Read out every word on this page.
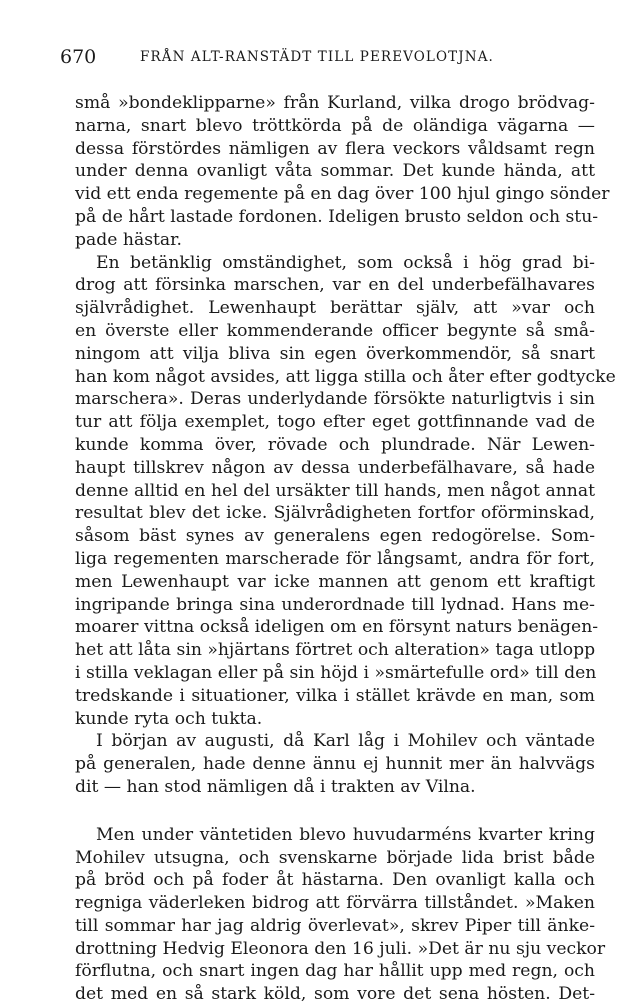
670	FRÅN ALT-RANSTÄDT TILL PEREVOLOTJNA.
små »bondeklipparne» från Kurland, vilka drogo brödvag-
narna, snart blevo tröttkörda på de oländiga vägarna —
dessa förstördes nämligen av flera veckors våldsamt regn
under denna ovanligt våta sommar. Det kunde hända, att
vid ett enda regemente på en dag över 100 hjul gingo sönder
på de hårt lastade fordonen. Ideligen brusto seldon och stu-
pade hästar.
En betänklig omständighet, som också i hög grad bi-
drog att försinka marschen, var en del underbefälhavares
självrådighet. Lewenhaupt berättar själv, att »var och
en överste eller kommenderande officer begynte så små-
ningom att vilja bliva sin egen överkommendör, så snart
han kom något avsides, att ligga stilla och åter efter godtycke
marschera». Deras underlydande försökte naturligtvis i sin
tur att följa exemplet, togo efter eget gottfinnande vad de
kunde komma över, rövade och plundrade. När Lewen-
haupt tillskrev någon av dessa underbefälhavare, så hade
denne alltid en hel del ursäkter till hands, men något annat
resultat blev det icke. Självrådigheten fortfor oförminskad,
såsom bäst synes av generalens egen redogörelse. Som-
liga regementen marscherade för långsamt, andra för fort,
men Lewenhaupt var icke mannen att genom ett kraftigt
ingripande bringa sina underordnade till lydnad. Hans me-
moarer vittna också ideligen om en försynt naturs benägen-
het att låta sin »hjärtans förtret och alteration» taga utlopp
i stilla veklagan eller på sin höjd i »smärtefulle ord» till den
tredskande i situationer, vilka i stället krävde en man, som
kunde ryta och tukta.
I början av augusti, då Karl låg i Mohilev och väntade
på generalen, hade denne ännu ej hunnit mer än halvvägs
dit — han stod nämligen då i trakten av Vilna.
Men under väntetiden blevo huvudarméns kvarter kring
Mohilev utsugna, och svenskarne började lida brist både
på bröd och på foder åt hästarna. Den ovanligt kalla och
regniga väderleken bidrog att förvärra tillståndet. »Maken
till sommar har jag aldrig överlevat», skrev Piper till änke-
drottning Hedvig Eleonora den 16 juli. »Det är nu sju veckor
förflutna, och snart ingen dag har hållit upp med regn, och
det med en så stark köld, som vore det sena hösten. Det-
